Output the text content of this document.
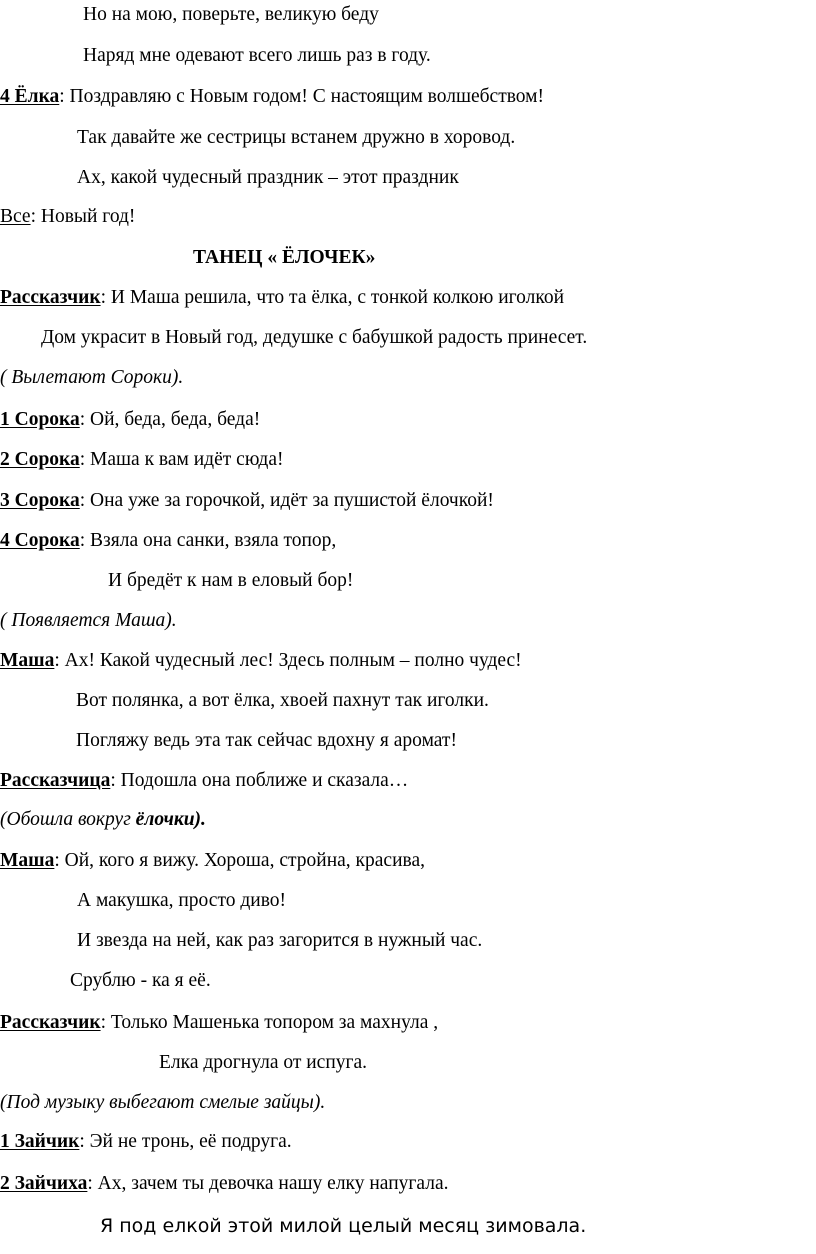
Но на мою, поверьте, великую беду
Наряд мне одевают всего лишь раз в году.
4 Ёлка: Поздравляю с Новым годом! С настоящим волшебством!
Так давайте же сестрицы встанем дружно в хоровод.
Ах, какой чудесный праздник – этот праздник
Все: Новый год!
ТАНЕЦ « ЁЛОЧЕК»
Рассказчик: И Маша решила, что та ёлка, с тонкой колкою иголкой
Дом украсит в Новый год, дедушке с бабушкой радость принесет.
( Вылетают Сороки).
1 Сорока: Ой, беда, беда, беда!
2 Сорока: Маша к вам идёт сюда!
3 Сорока: Она уже за горочкой, идёт за пушистой ёлочкой!
4 Сорока: Взяла она санки, взяла топор,
И бредёт к нам в еловый бор!
( Появляется Маша).
Маша: Ах! Какой чудесный лес! Здесь полным – полно чудес!
Вот полянка, а вот ёлка, хвоей пахнут так иголки.
Погляжу ведь эта так сейчас вдохну я аромат!
Рассказчица: Подошла она поближе и сказала…
(Обошла вокруг ёлочки).
Маша: Ой, кого я вижу. Хороша, стройна, красива,
А макушка, просто диво!
И звезда на ней, как раз загорится в нужный час.
Срублю - ка я её.
Рассказчик: Только Машенька топором за махнула ,
Елка дрогнула от испуга.
(Под музыку выбегают смелые зайцы).
1 Зайчик: Эй не тронь, её подруга.
2 Зайчиха: Ах, зачем ты девочка нашу елку напугала.
Я под елкой этой милой целый месяц зимовала.
